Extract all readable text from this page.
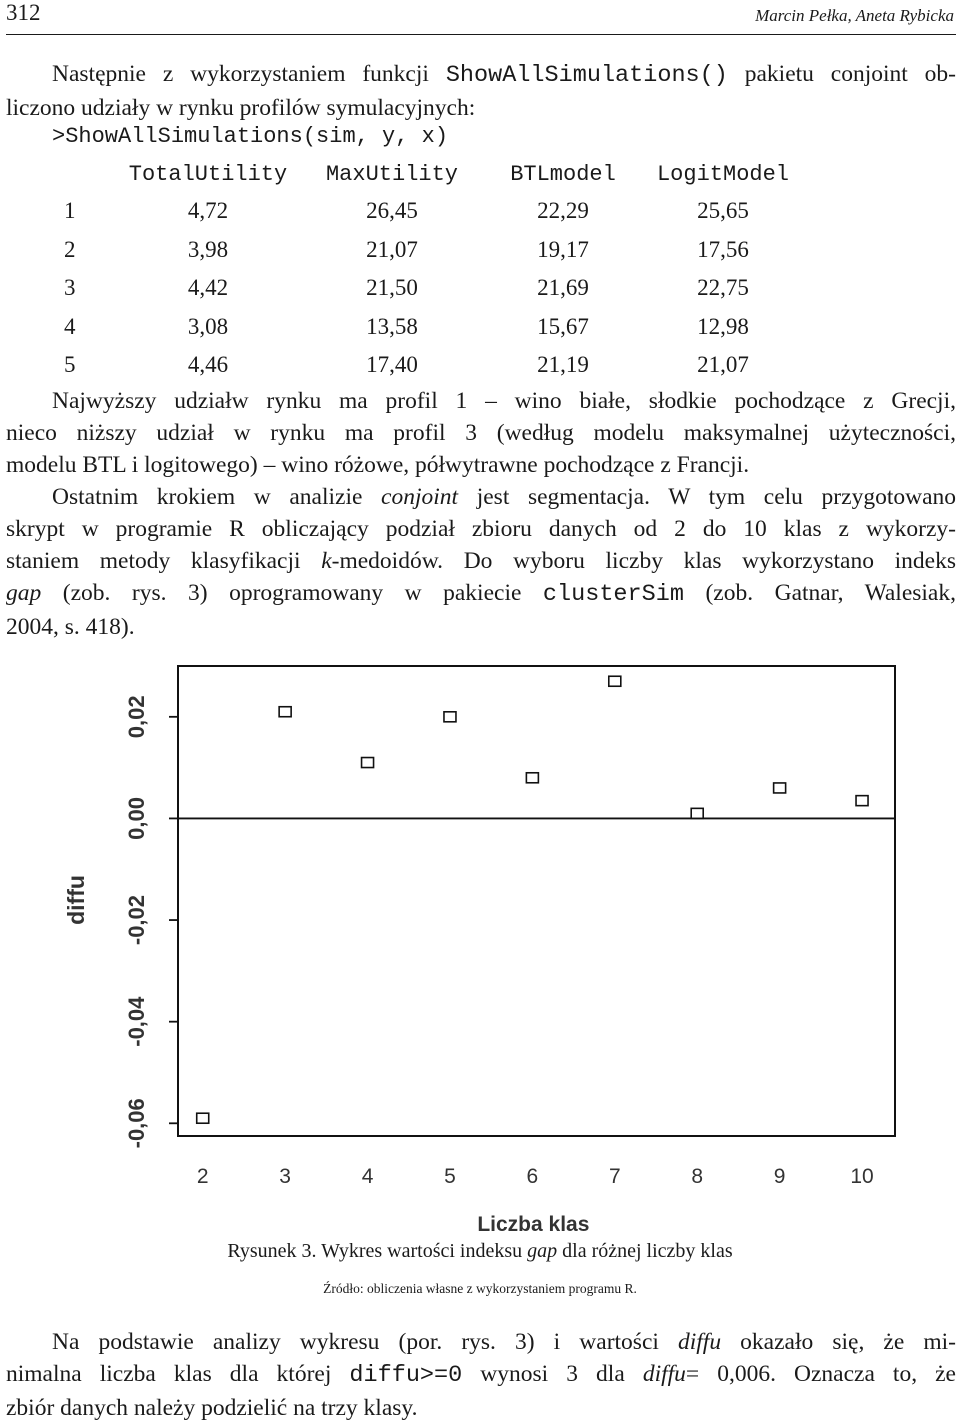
312	Marcin Pełka, Aneta Rybicka

Następnie z wykorzystaniem funkcji ShowAllSimulations() pakietu conjoint ob-
liczono udziały w rynku profilów symulacyjnych:

>ShowAllSimulations(sim, y, x)
	TotalUtility	MaxUtility	BTLmodel	LogitModel
1	4,72	26,45	22,29	25,65
2	3,98	21,07	19,17	17,56
3	4,42	21,50	21,69	22,75
4	3,08	13,58	15,67	12,98
5	4,46	17,40	21,19	21,07

Najwyższy udziałw rynku ma profil 1 – wino białe, słodkie pochodzące z Grecji,
nieco niższy udział w rynku ma profil 3 (według modelu maksymalnej użyteczności,
modelu BTL i logitowego) – wino różowe, półwytrawne pochodzące z Francji.

Ostatnim krokiem w analizie conjoint jest segmentacja. W tym celu przygotowano
skrypt w programie R obliczający podział zbioru danych od 2 do 10 klas z wykorzy-
staniem metody klasyfikacji k-medoidów. Do wyboru liczby klas wykorzystano indeks
gap (zob. rys. 3) oprogramowany w pakiecie clusterSim (zob. Gatnar, Walesiak,
2004, s. 418).

-0,06
-0,04
-0,02
0,00
0,02
diffu
2	3	4	5	6	7	8	9	10
Liczba klas
Rysunek 3. Wykres wartości indeksu gap dla różnej liczby klas
Źródło: obliczenia własne z wykorzystaniem programu R.

Na podstawie analizy wykresu (por. rys. 3) i wartości diffu okazało się, że mi-
nimalna liczba klas dla której diffu>=0 wynosi 3 dla diffu= 0,006. Oznacza to, że
zbiór danych należy podzielić na trzy klasy.
